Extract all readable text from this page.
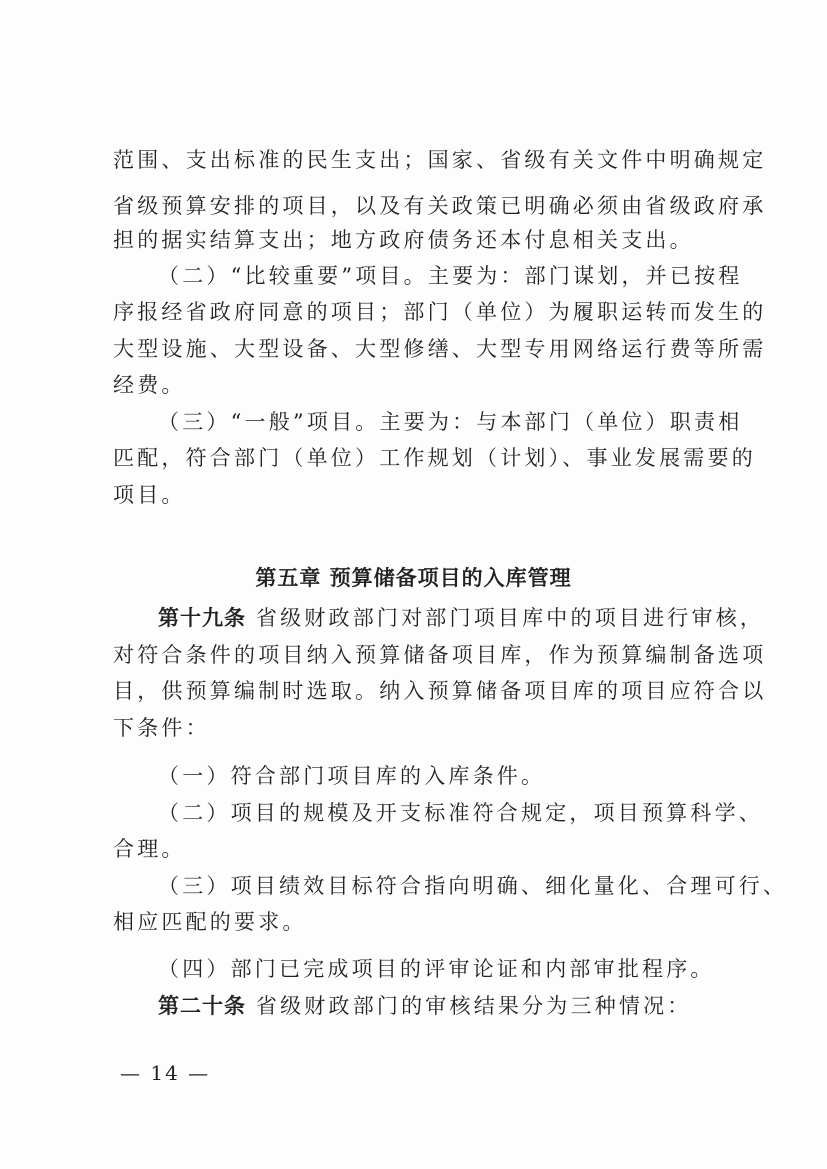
范围、支出标准的民生支出；国家、省级有关文件中明确规定
省级预算安排的项目，以及有关政策已明确必须由省级政府承
担的据实结算支出；地方政府债务还本付息相关支出。
（二）“比较重要”项目。主要为：部门谋划，并已按程
序报经省政府同意的项目；部门（单位）为履职运转而发生的
大型设施、大型设备、大型修缮、大型专用网络运行费等所需
经费。
（三）“一般”项目。主要为：与本部门（单位）职责相
匹配，符合部门（单位）工作规划（计划）、事业发展需要的
项目。
第五章 预算储备项目的入库管理
第十九条 省级财政部门对部门项目库中的项目进行审核，
对符合条件的项目纳入预算储备项目库，作为预算编制备选项
目，供预算编制时选取。纳入预算储备项目库的项目应符合以
下条件：
（一）符合部门项目库的入库条件。
（二）项目的规模及开支标准符合规定，项目预算科学、
合理。
（三）项目绩效目标符合指向明确、细化量化、合理可行、
相应匹配的要求。
（四）部门已完成项目的评审论证和内部审批程序。
第二十条 省级财政部门的审核结果分为三种情况：
— 14 —
